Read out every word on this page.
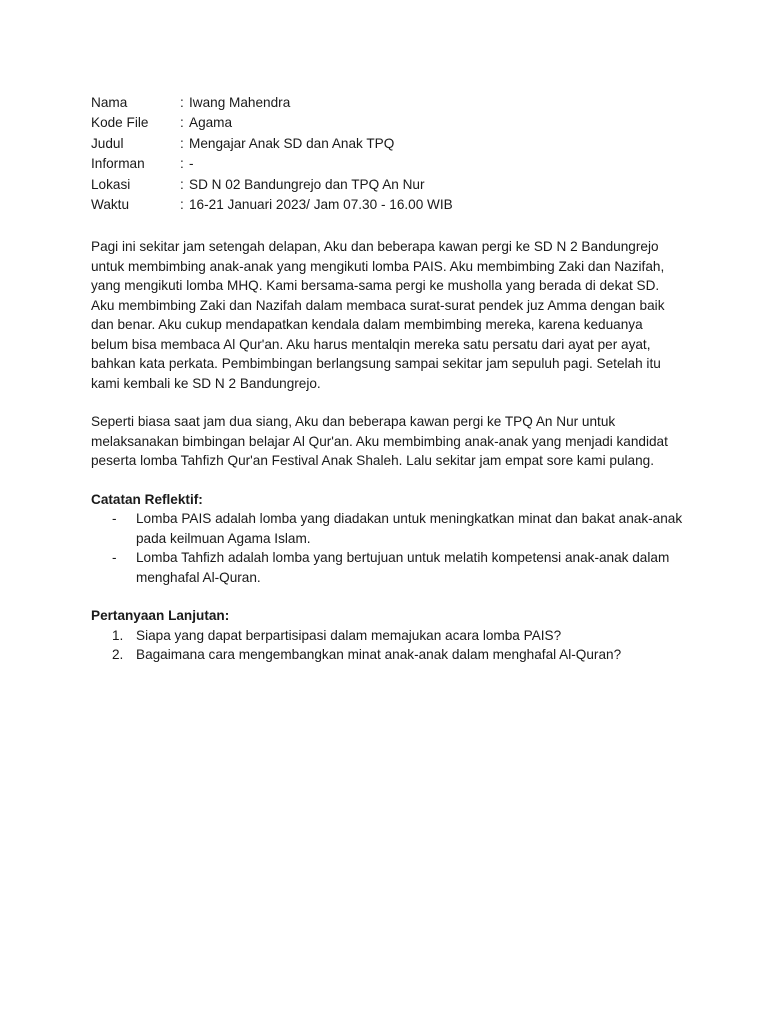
Nama	: Iwang Mahendra
Kode File	: Agama
Judul	: Mengajar Anak SD dan Anak TPQ
Informan	: -
Lokasi	: SD N 02 Bandungrejo dan TPQ An Nur
Waktu	: 16-21 Januari 2023/ Jam 07.30 - 16.00 WIB

Pagi ini sekitar jam setengah delapan, Aku dan beberapa kawan pergi ke SD N 2 Bandungrejo untuk membimbing anak-anak yang mengikuti lomba PAIS. Aku membimbing Zaki dan Nazifah, yang mengikuti lomba MHQ. Kami bersama-sama pergi ke musholla yang berada di dekat SD. Aku membimbing Zaki dan Nazifah dalam membaca surat-surat pendek juz Amma dengan baik dan benar. Aku cukup mendapatkan kendala dalam membimbing mereka, karena keduanya belum bisa membaca Al Qur'an. Aku harus mentalqin mereka satu persatu dari ayat per ayat, bahkan kata perkata. Pembimbingan berlangsung sampai sekitar jam sepuluh pagi. Setelah itu kami kembali ke SD N 2 Bandungrejo.

Seperti biasa saat jam dua siang, Aku dan beberapa kawan pergi ke TPQ An Nur untuk melaksanakan bimbingan belajar Al Qur'an. Aku membimbing anak-anak yang menjadi kandidat peserta lomba Tahfizh Qur'an Festival Anak Shaleh. Lalu sekitar jam empat sore kami pulang.

Catatan Reflektif:
-	Lomba PAIS adalah lomba yang diadakan untuk meningkatkan minat dan bakat anak-anak pada keilmuan Agama Islam.
-	Lomba Tahfizh adalah lomba yang bertujuan untuk melatih kompetensi anak-anak dalam menghafal Al-Quran.
Pertanyaan Lanjutan:
1. Siapa yang dapat berpartisipasi dalam memajukan acara lomba PAIS?
2. Bagaimana cara mengembangkan minat anak-anak dalam menghafal Al-Quran?
